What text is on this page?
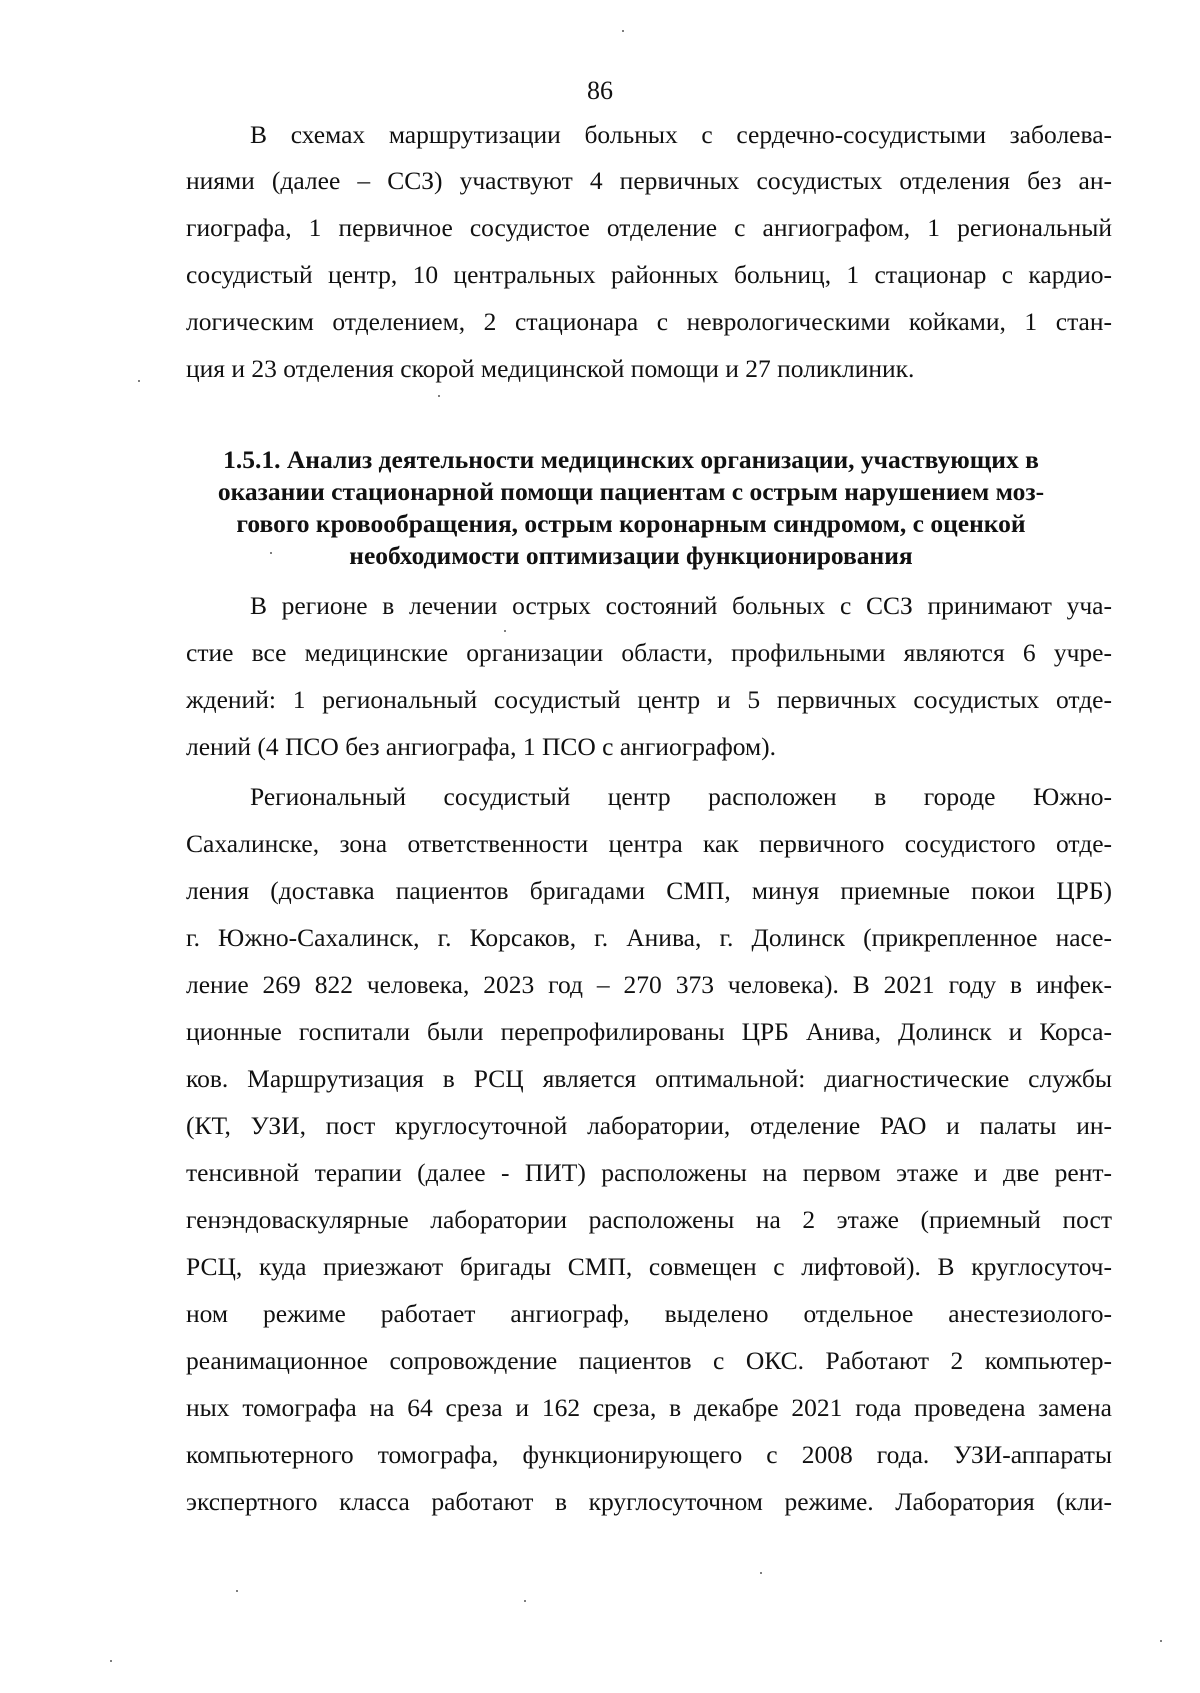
86
В схемах маршрутизации больных с сердечно-сосудистыми заболева-
ниями (далее – ССЗ) участвуют 4 первичных сосудистых отделения без ан-
гиографа, 1 первичное сосудистое отделение с ангиографом, 1 региональный
сосудистый центр, 10 центральных районных больниц, 1 стационар с кардио-
логическим отделением, 2 стационара с неврологическими койками, 1 стан-
ция и 23 отделения скорой медицинской помощи и 27 поликлиник.
1.5.1. Анализ деятельности медицинских организации, участвующих в
оказании стационарной помощи пациентам с острым нарушением моз-
гового кровообращения, острым коронарным синдромом, с оценкой
необходимости оптимизации функционирования
В регионе в лечении острых состояний больных с ССЗ принимают уча-
стие все медицинские организации области, профильными являются 6 учре-
ждений: 1 региональный сосудистый центр и 5 первичных сосудистых отде-
лений (4 ПСО без ангиографа, 1 ПСО с ангиографом).
Региональный сосудистый центр расположен в городе Южно-
Сахалинске, зона ответственности центра как первичного сосудистого отде-
ления (доставка пациентов бригадами СМП, минуя приемные покои ЦРБ)
г. Южно-Сахалинск, г. Корсаков, г. Анива, г. Долинск (прикрепленное насе-
ление 269 822 человека, 2023 год – 270 373 человека). В 2021 году в инфек-
ционные госпитали были перепрофилированы ЦРБ Анива, Долинск и Корса-
ков. Маршрутизация в РСЦ является оптимальной: диагностические службы
(КТ, УЗИ, пост круглосуточной лаборатории, отделение РАО и палаты ин-
тенсивной терапии (далее - ПИТ) расположены на первом этаже и две рент-
генэндоваскулярные лаборатории расположены на 2 этаже (приемный пост
РСЦ, куда приезжают бригады СМП, совмещен с лифтовой). В круглосуточ-
ном режиме работает ангиограф, выделено отдельное анестезиолого-
реанимационное сопровождение пациентов с ОКС. Работают 2 компьютер-
ных томографа на 64 среза и 162 среза, в декабре 2021 года проведена замена
компьютерного томографа, функционирующего с 2008 года. УЗИ-аппараты
экспертного класса работают в круглосуточном режиме. Лаборатория (кли-
